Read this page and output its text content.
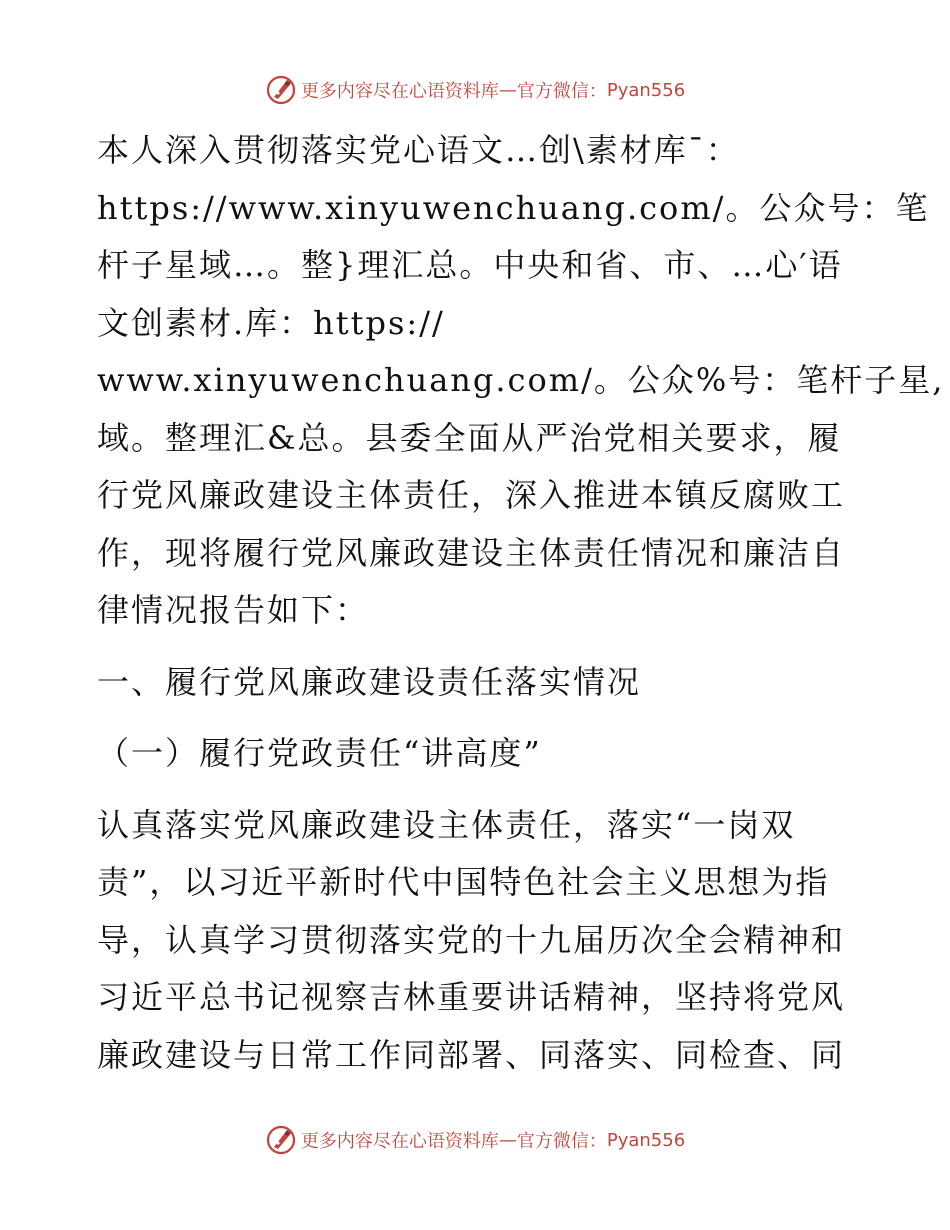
更多内容尽在心语资料库 — 官方微信： Pyan556
本人深入贯彻落实党心语文…创\素材库¯：
https://www.xinyuwenchuang.com/。公众号：笔
杆子星域…。整}理汇总。中央和省、市、…心′语
文创素材.库：https://
www.xinyuwenchuang.com/。公众%号：笔杆子星,
域。整理汇&总。县委全面从严治党相关要求，履
行党风廉政建设主体责任，深入推进本镇反腐败工
作，现将履行党风廉政建设主体责任情况和廉洁自
律情况报告如下：
一、履行党风廉政建设责任落实情况
（一）履行党政责任“讲高度”
认真落实党风廉政建设主体责任，落实“一岗双
责”，以习近平新时代中国特色社会主义思想为指
导，认真学习贯彻落实党的十九届历次全会精神和
习近平总书记视察吉林重要讲话精神，坚持将党风
廉政建设与日常工作同部署、同落实、同检查、同
更多内容尽在心语资料库 — 官方微信： Pyan556
